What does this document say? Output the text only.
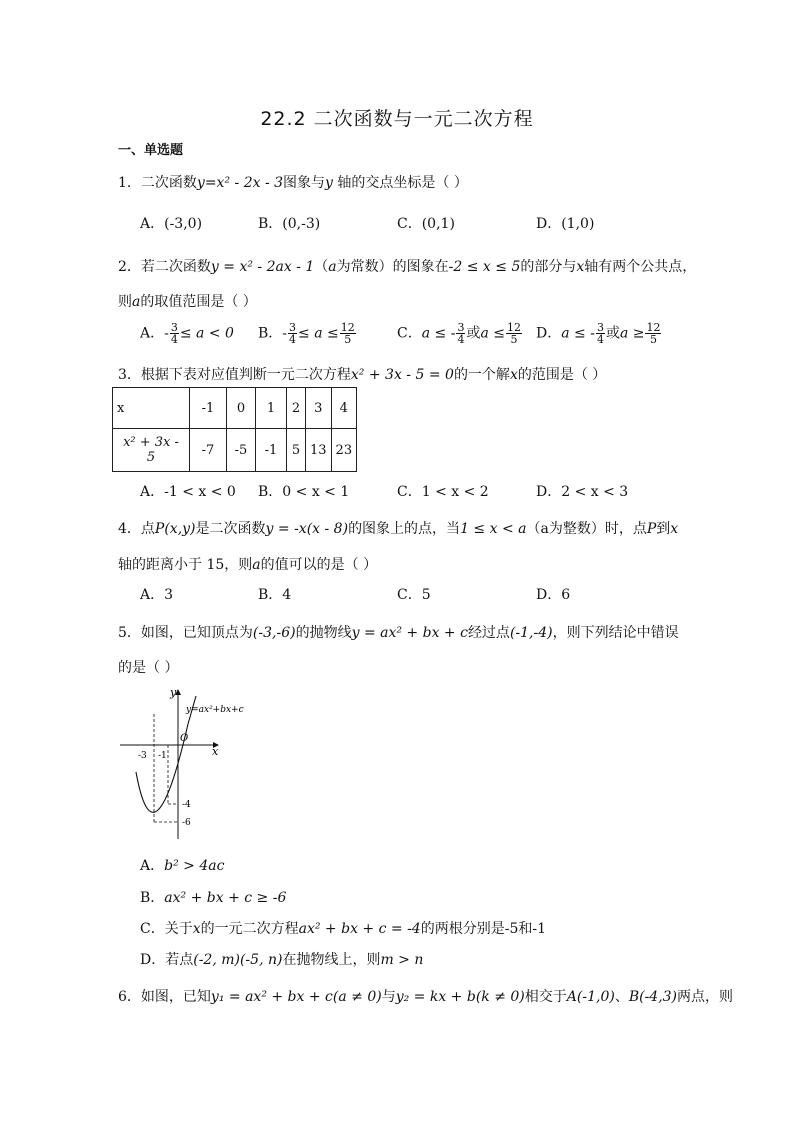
22.2 二次函数与一元二次方程
一、单选题
1．二次函数y=x² - 2x - 3图象与y 轴的交点坐标是（ ）
A．(-3,0)	B．(0,-3)	C．(0,1)	D．(1,0)
2．若二次函数y = x² - 2ax - 1（a为常数）的图象在-2 ≤ x ≤ 5的部分与x轴有两个公共点，
则a的取值范围是（ ）
A．- $\frac{3}{4} \le a < 0$ B．- $\frac{3}{4} \le a \le \frac{12}{5}$	C．a ≤ - $\frac{3}{4}$ 或$a \le \frac{12}{5}$ D．a ≤ - $\frac{3}{4}$ 或$a \ge \frac{12}{5}$
3．根据下表对应值判断一元二次方程x² + 3x - 5 = 0的一个解x的范围是（ ）
x	-1	0	1	2	3	4
x² + 3x - 5	-7	-5	-1	5	13	23
A．-1 < x < 0 B．0 < x < 1	C．1 < x < 2	D．2 < x < 3
4．点P(x,y)是二次函数y = -x(x - 8)的图象上的点，当1 ≤ x < a（a为整数）时，点P到x
轴的距离小于 15，则a的值可以的是（ ）
A．3	B．4	C．5	D．6
5．如图，已知顶点为(-3,-6)的抛物线y = ax² + bx + c经过点(-1,-4)，则下列结论中错误
的是（ ）
y
x
O
y=ax²+bx+c
-3 -1
-4
-6
A．b² > 4ac
B．ax² + bx + c ≥ -6
C．关于x的一元二次方程ax² + bx + c = -4的两根分别是-5和-1
D．若点(-2, m)(-5, n)在抛物线上，则m > n
6．如图，已知y₁ = ax² + bx + c(a ≠ 0)与y₂ = kx + b(k ≠ 0)相交于A(-1,0)、B(-4,3)两点，则
